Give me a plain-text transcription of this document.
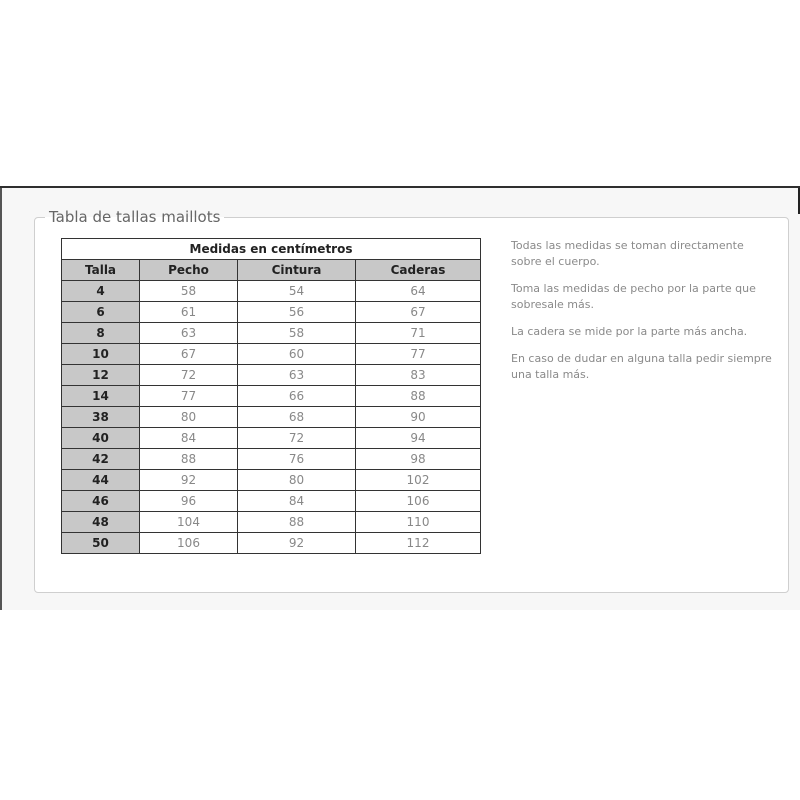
Tabla de tallas maillots
Medidas en centímetros			
Talla	Pecho	Cintura	Caderas
4	58	54	64
6	61	56	67
8	63	58	71
10	67	60	77
12	72	63	83
14	77	66	88
38	80	68	90
40	84	72	94
42	88	76	98
44	92	80	102
46	96	84	106
48	104	88	110
50	106	92	112

Todas las medidas se toman directamente sobre el cuerpo.

Toma las medidas de pecho por la parte que sobresale más.

La cadera se mide por la parte más ancha.

En caso de dudar en alguna talla pedir siempre una talla más.
